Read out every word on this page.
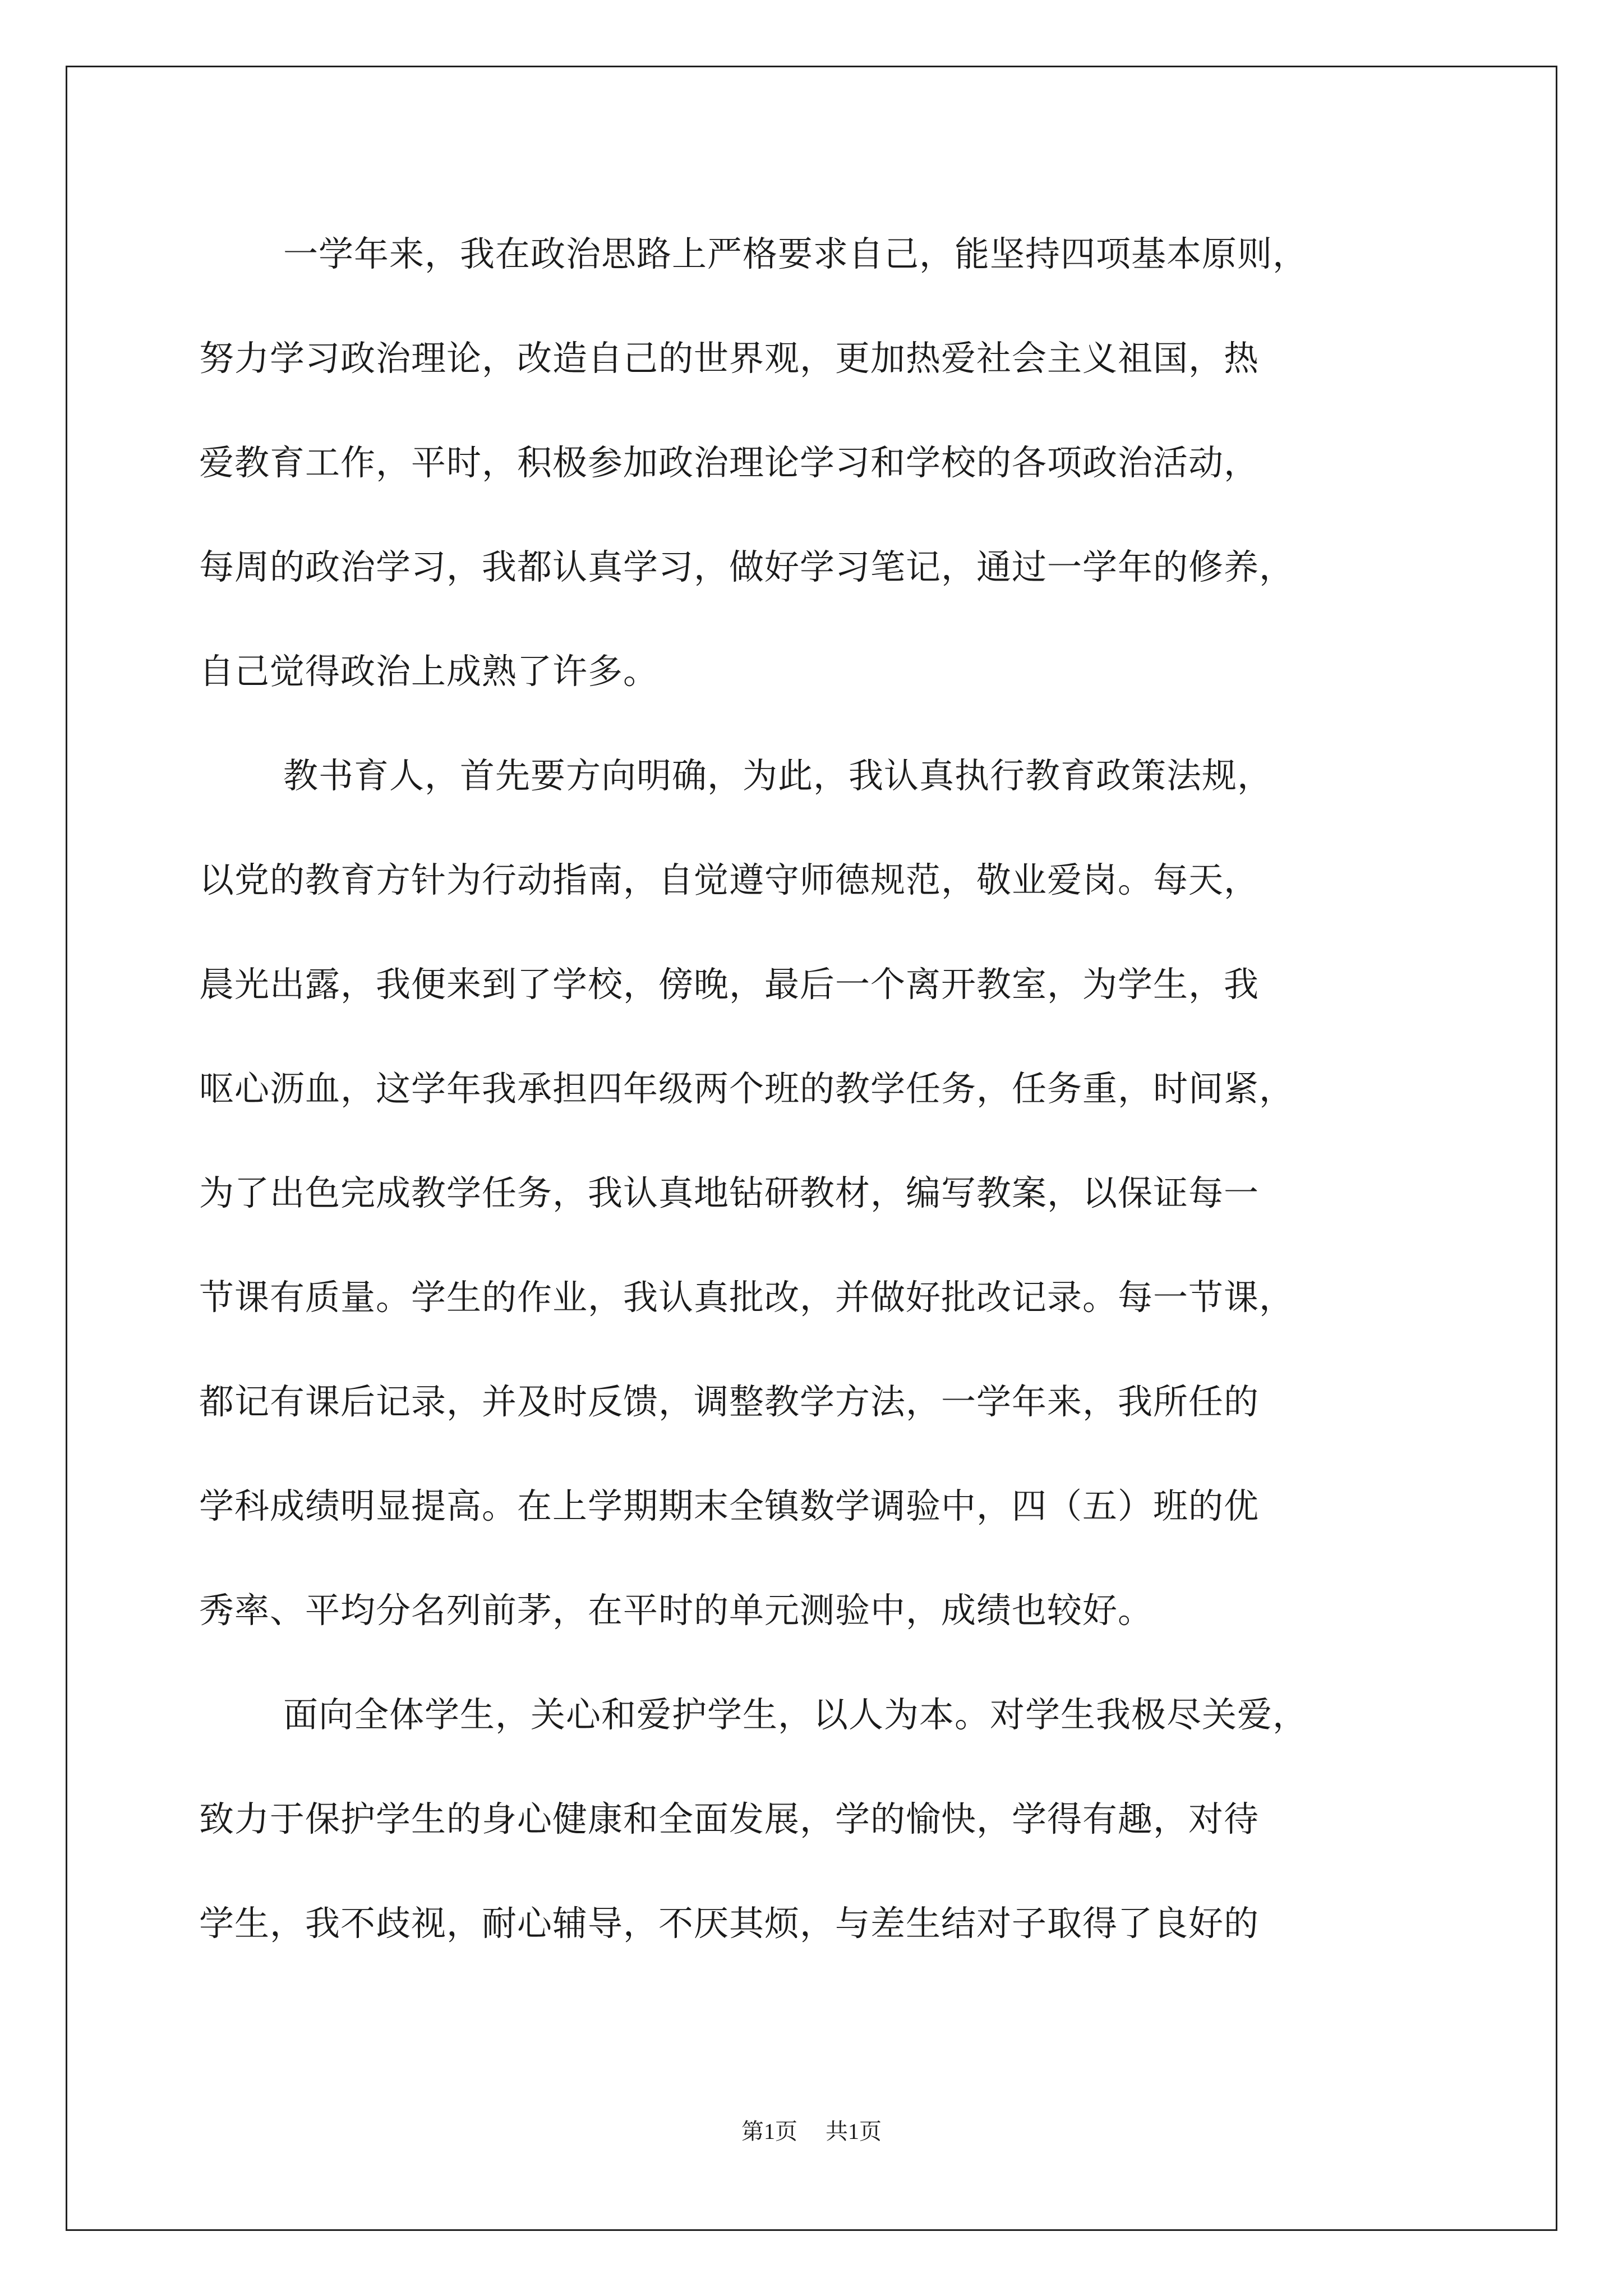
一学年来，我在政治思路上严格要求自己，能坚持四项基本原则，
努力学习政治理论，改造自己的世界观，更加热爱社会主义祖国，热
爱教育工作，平时，积极参加政治理论学习和学校的各项政治活动，
每周的政治学习，我都认真学习，做好学习笔记，通过一学年的修养，
自己觉得政治上成熟了许多。
教书育人，首先要方向明确，为此，我认真执行教育政策法规，
以党的教育方针为行动指南，自觉遵守师德规范，敬业爱岗。每天，
晨光出露，我便来到了学校，傍晚，最后一个离开教室，为学生，我
呕心沥血，这学年我承担四年级两个班的教学任务，任务重，时间紧，
为了出色完成教学任务，我认真地钻研教材，编写教案，以保证每一
节课有质量。学生的作业，我认真批改，并做好批改记录。每一节课，
都记有课后记录，并及时反馈，调整教学方法，一学年来，我所任的
学科成绩明显提高。在上学期期末全镇数学调验中，四（五）班的优
秀率、平均分名列前茅，在平时的单元测验中，成绩也较好。
面向全体学生，关心和爱护学生，以人为本。对学生我极尽关爱，
致力于保护学生的身心健康和全面发展，学的愉快，学得有趣，对待
学生，我不歧视，耐心辅导，不厌其烦，与差生结对子取得了良好的
第1页 共1页
